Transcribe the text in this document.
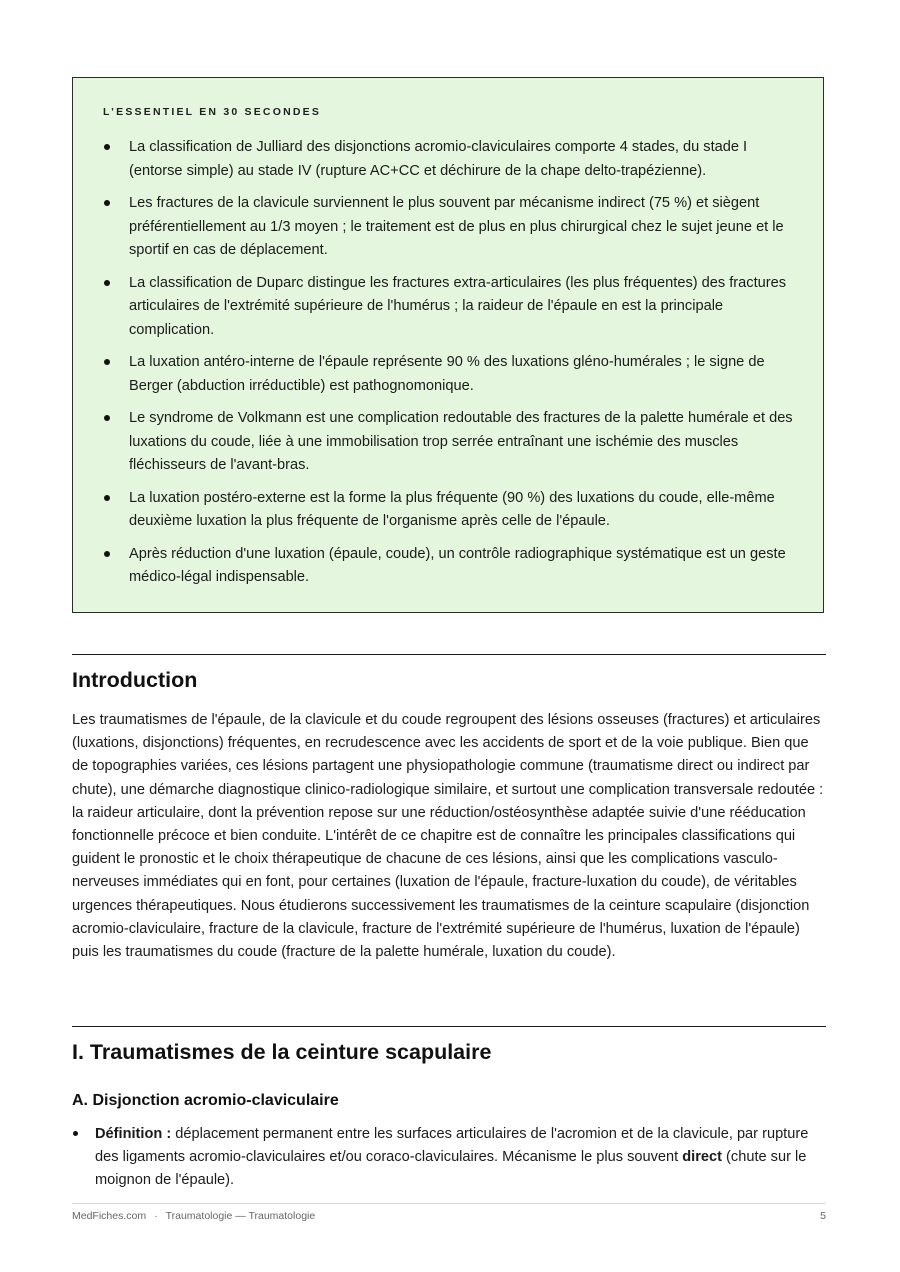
L’ESSENTIEL EN 30 SECONDES

La classification de Julliard des disjonctions acromio-claviculaires comporte 4 stades, du stade I (entorse simple) au stade IV (rupture AC+CC et déchirure de la chape delto-trapézienne).
Les fractures de la clavicule surviennent le plus souvent par mécanisme indirect (75 %) et siègent préférentiellement au 1/3 moyen ; le traitement est de plus en plus chirurgical chez le sujet jeune et le sportif en cas de déplacement.
La classification de Duparc distingue les fractures extra-articulaires (les plus fréquentes) des fractures articulaires de l'extrémité supérieure de l'humérus ; la raideur de l'épaule en est la principale complication.
La luxation antéro-interne de l'épaule représente 90 % des luxations gléno-humérales ; le signe de Berger (abduction irréductible) est pathognomonique.
Le syndrome de Volkmann est une complication redoutable des fractures de la palette humérale et des luxations du coude, liée à une immobilisation trop serrée entraînant une ischémie des muscles fléchisseurs de l'avant-bras.
La luxation postéro-externe est la forme la plus fréquente (90 %) des luxations du coude, elle-même deuxième luxation la plus fréquente de l'organisme après celle de l'épaule.
Après réduction d'une luxation (épaule, coude), un contrôle radiographique systématique est un geste médico-légal indispensable.
Introduction

Les traumatismes de l'épaule, de la clavicule et du coude regroupent des lésions osseuses (fractures) et articulaires (luxations, disjonctions) fréquentes, en recrudescence avec les accidents de sport et de la voie publique. Bien que de topographies variées, ces lésions partagent une physiopathologie commune (traumatisme direct ou indirect par chute), une démarche diagnostique clinico-radiologique similaire, et surtout une complication transversale redoutée : la raideur articulaire, dont la prévention repose sur une réduction/ostéosynthèse adaptée suivie d'une rééducation fonctionnelle précoce et bien conduite. L'intérêt de ce chapitre est de connaître les principales classifications qui guident le pronostic et le choix thérapeutique de chacune de ces lésions, ainsi que les complications vasculo-nerveuses immédiates qui en font, pour certaines (luxation de l'épaule, fracture-luxation du coude), de véritables urgences thérapeutiques. Nous étudierons successivement les traumatismes de la ceinture scapulaire (disjonction acromio-claviculaire, fracture de la clavicule, fracture de l'extrémité supérieure de l'humérus, luxation de l'épaule) puis les traumatismes du coude (fracture de la palette humérale, luxation du coude).

I. Traumatismes de la ceinture scapulaire
A. Disjonction acromio-claviculaire
Définition : déplacement permanent entre les surfaces articulaires de l'acromion et de la clavicule, par rupture des ligaments acromio-claviculaires et/ou coraco-claviculaires. Mécanisme le plus souvent direct (chute sur le moignon de l'épaule).
MedFiches.com · Traumatologie — Traumatologie	5
